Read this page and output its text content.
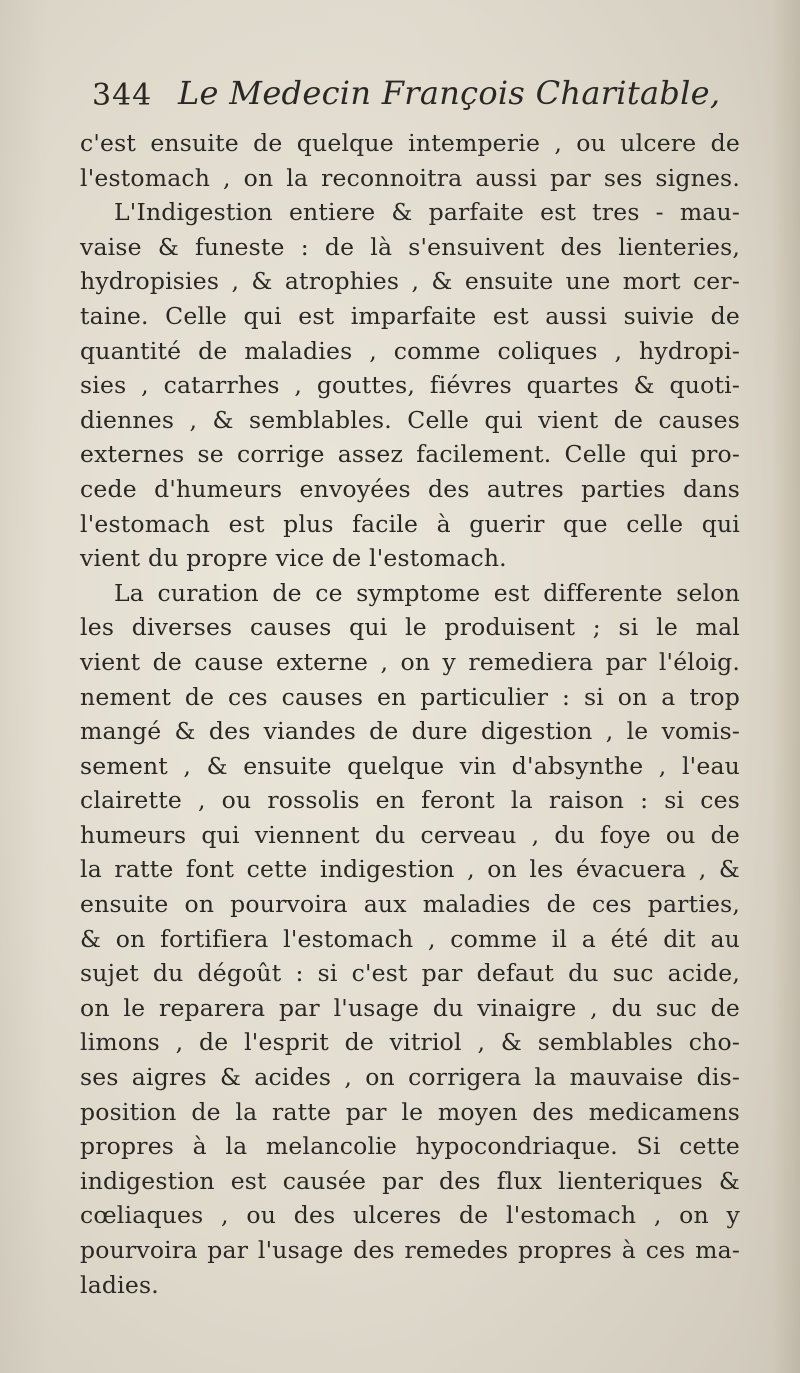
344 Le Medecin François Charitable,
c'est ensuite de quelque intemperie , ou ulcere de
l'estomach , on la reconnoitra aussi par ses signes.
L'Indigestion entiere & parfaite est tres - mau-
vaise & funeste : de là s'ensuivent des lienteries,
hydropisies , & atrophies , & ensuite une mort cer-
taine. Celle qui est imparfaite est aussi suivie de
quantité de maladies , comme coliques , hydropi-
sies , catarrhes , gouttes, fiévres quartes & quoti-
diennes , & semblables. Celle qui vient de causes
externes se corrige assez facilement. Celle qui pro-
cede d'humeurs envoyées des autres parties dans
l'estomach est plus facile à guerir que celle qui
vient du propre vice de l'estomach.
La curation de ce symptome est differente selon
les diverses causes qui le produisent ; si le mal
vient de cause externe , on y remediera par l'éloig.
nement de ces causes en particulier : si on a trop
mangé & des viandes de dure digestion , le vomis-
sement , & ensuite quelque vin d'absynthe , l'eau
clairette , ou rossolis en feront la raison : si ces
humeurs qui viennent du cerveau , du foye ou de
la ratte font cette indigestion , on les évacuera , &
ensuite on pourvoira aux maladies de ces parties,
& on fortifiera l'estomach , comme il a été dit au
sujet du dégoût : si c'est par defaut du suc acide,
on le reparera par l'usage du vinaigre , du suc de
limons , de l'esprit de vitriol , & semblables cho-
ses aigres & acides , on corrigera la mauvaise dis-
position de la ratte par le moyen des medicamens
propres à la melancolie hypocondriaque. Si cette
indigestion est causée par des flux lienteriques &
cœliaques , ou des ulceres de l'estomach , on y
pourvoira par l'usage des remedes propres à ces ma-
ladies.
